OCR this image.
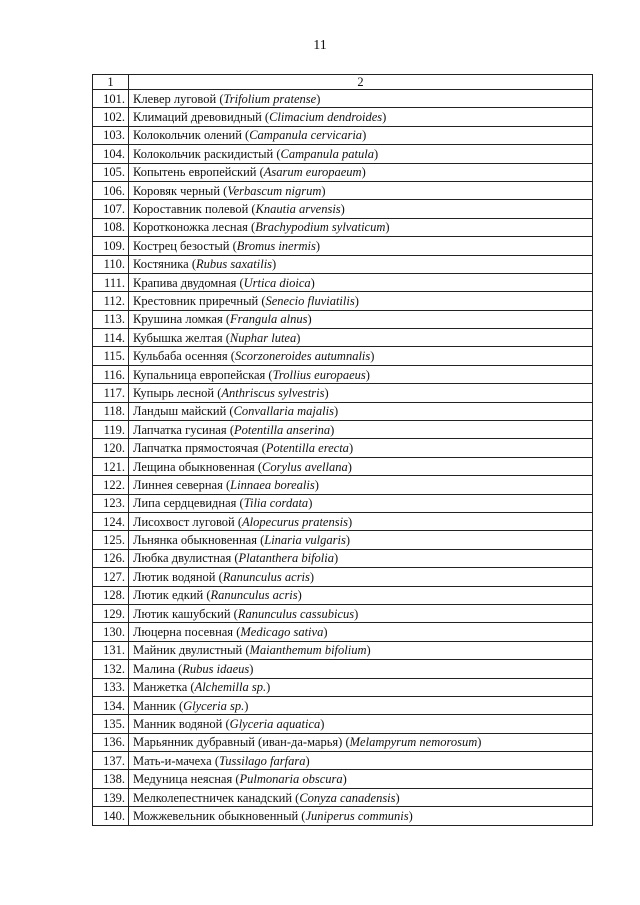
11
1	2
101.	Клевер луговой (Trifolium pratense)
102.	Климаций древовидный (Climacium dendroides)
103.	Колокольчик олений (Campanula cervicaria)
104.	Колокольчик раскидистый (Campanula patula)
105.	Копытень европейский (Asarum europaeum)
106.	Коровяк черный (Verbascum nigrum)
107.	Короставник полевой (Knautia arvensis)
108.	Коротконожка лесная (Brachypodium sylvaticum)
109.	Кострец безостый (Bromus inermis)
110.	Костяника (Rubus saxatilis)
111.	Крапива двудомная (Urtica dioica)
112.	Крестовник приречный (Senecio fluviatilis)
113.	Крушина ломкая (Frangula alnus)
114.	Кубышка желтая (Nuphar lutea)
115.	Кульбаба осенняя (Scorzoneroides autumnalis)
116.	Купальница европейская (Trollius europaeus)
117.	Купырь лесной (Anthriscus sylvestris)
118.	Ландыш майский (Convallaria majalis)
119.	Лапчатка гусиная (Potentilla anserina)
120.	Лапчатка прямостоячая (Potentilla erecta)
121.	Лещина обыкновенная (Corylus avellana)
122.	Линнея северная (Linnaea borealis)
123.	Липа сердцевидная (Tilia cordata)
124.	Лисохвост луговой (Alopecurus pratensis)
125.	Льнянка обыкновенная (Linaria vulgaris)
126.	Любка двулистная (Platanthera bifolia)
127.	Лютик водяной (Ranunculus acris)
128.	Лютик едкий (Ranunculus acris)
129.	Лютик кашубский (Ranunculus cassubicus)
130.	Люцерна посевная (Medicago sativa)
131.	Майник двулистный (Maianthemum bifolium)
132.	Малина (Rubus idaeus)
133.	Манжетка (Alchemilla sp.)
134.	Манник (Glyceria sp.)
135.	Манник водяной (Glyceria aquatica)
136.	Марьянник дубравный (иван-да-марья) (Melampyrum nemorosum)
137.	Мать-и-мачеха (Tussilago farfara)
138.	Медуница неясная (Pulmonaria obscura)
139.	Мелколепестничек канадский (Conyza canadensis)
140.	Можжевельник обыкновенный (Juniperus communis)
